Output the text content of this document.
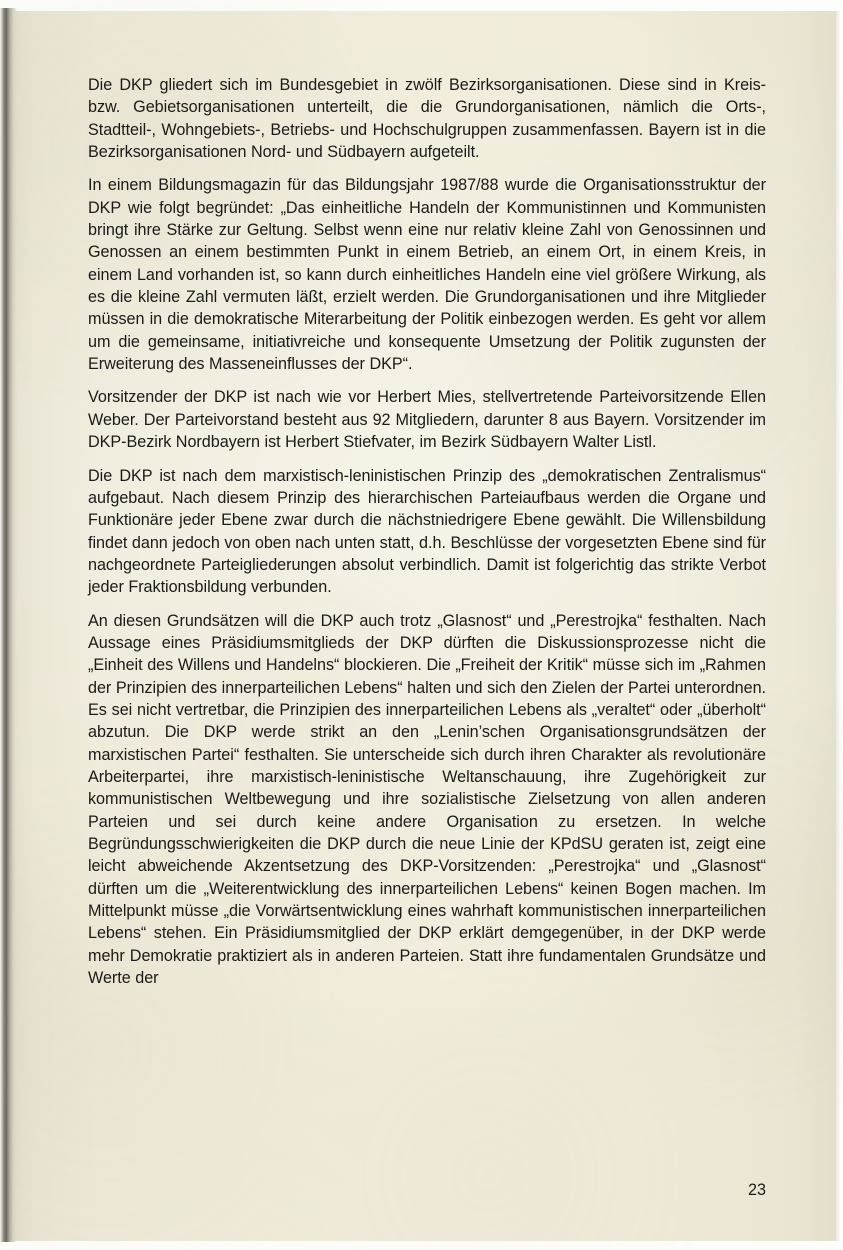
Die DKP gliedert sich im Bundesgebiet in zwölf Bezirksorganisationen. Diese sind in Kreis- bzw. Gebietsorganisationen unterteilt, die die Grundorganisationen, nämlich die Orts-, Stadtteil-, Wohngebiets-, Betriebs- und Hochschulgruppen zusammenfassen. Bayern ist in die Bezirksorganisationen Nord- und Südbayern aufgeteilt.

In einem Bildungsmagazin für das Bildungsjahr 1987/88 wurde die Organisationsstruktur der DKP wie folgt begründet: „Das einheitliche Handeln der Kommunistinnen und Kommunisten bringt ihre Stärke zur Geltung. Selbst wenn eine nur relativ kleine Zahl von Genossinnen und Genossen an einem bestimmten Punkt in einem Betrieb, an einem Ort, in einem Kreis, in einem Land vorhanden ist, so kann durch einheitliches Handeln eine viel größere Wirkung, als es die kleine Zahl vermuten läßt, erzielt werden. Die Grundorganisationen und ihre Mitglieder müssen in die demokratische Miterarbeitung der Politik einbezogen werden. Es geht vor allem um die gemeinsame, initiativreiche und konsequente Umsetzung der Politik zugunsten der Erweiterung des Masseneinflusses der DKP“.

Vorsitzender der DKP ist nach wie vor Herbert Mies, stellvertretende Parteivorsitzende Ellen Weber. Der Parteivorstand besteht aus 92 Mitgliedern, darunter 8 aus Bayern. Vorsitzender im DKP-Bezirk Nordbayern ist Herbert Stiefvater, im Bezirk Südbayern Walter Listl.

Die DKP ist nach dem marxistisch-leninistischen Prinzip des „demokratischen Zentralismus“ aufgebaut. Nach diesem Prinzip des hierarchischen Parteiaufbaus werden die Organe und Funktionäre jeder Ebene zwar durch die nächstniedrigere Ebene gewählt. Die Willensbildung findet dann jedoch von oben nach unten statt, d.h. Beschlüsse der vorgesetzten Ebene sind für nachgeordnete Parteigliederungen absolut verbindlich. Damit ist folgerichtig das strikte Verbot jeder Fraktionsbildung verbunden.

An diesen Grundsätzen will die DKP auch trotz „Glasnost“ und „Perestrojka“ festhalten. Nach Aussage eines Präsidiumsmitglieds der DKP dürften die Diskussionsprozesse nicht die „Einheit des Willens und Handelns“ blockieren. Die „Freiheit der Kritik“ müsse sich im „Rahmen der Prinzipien des innerparteilichen Lebens“ halten und sich den Zielen der Partei unterordnen. Es sei nicht vertretbar, die Prinzipien des innerparteilichen Lebens als „veraltet“ oder „überholt“ abzutun. Die DKP werde strikt an den „Lenin’schen Organisationsgrundsätzen der marxistischen Partei“ festhalten. Sie unterscheide sich durch ihren Charakter als revolutionäre Arbeiterpartei, ihre marxistisch-leninistische Weltanschauung, ihre Zugehörigkeit zur kommunistischen Weltbewegung und ihre sozialistische Zielsetzung von allen anderen Parteien und sei durch keine andere Organisation zu ersetzen. In welche Begründungsschwierigkeiten die DKP durch die neue Linie der KPdSU geraten ist, zeigt eine leicht abweichende Akzentsetzung des DKP-Vorsitzenden: „Perestrojka“ und „Glasnost“ dürften um die „Weiterentwicklung des innerparteilichen Lebens“ keinen Bogen machen. Im Mittelpunkt müsse „die Vorwärtsentwicklung eines wahrhaft kommunistischen innerparteilichen Lebens“ stehen. Ein Präsidiumsmitglied der DKP erklärt demgegenüber, in der DKP werde mehr Demokratie praktiziert als in anderen Parteien. Statt ihre fundamentalen Grundsätze und Werte der

23
